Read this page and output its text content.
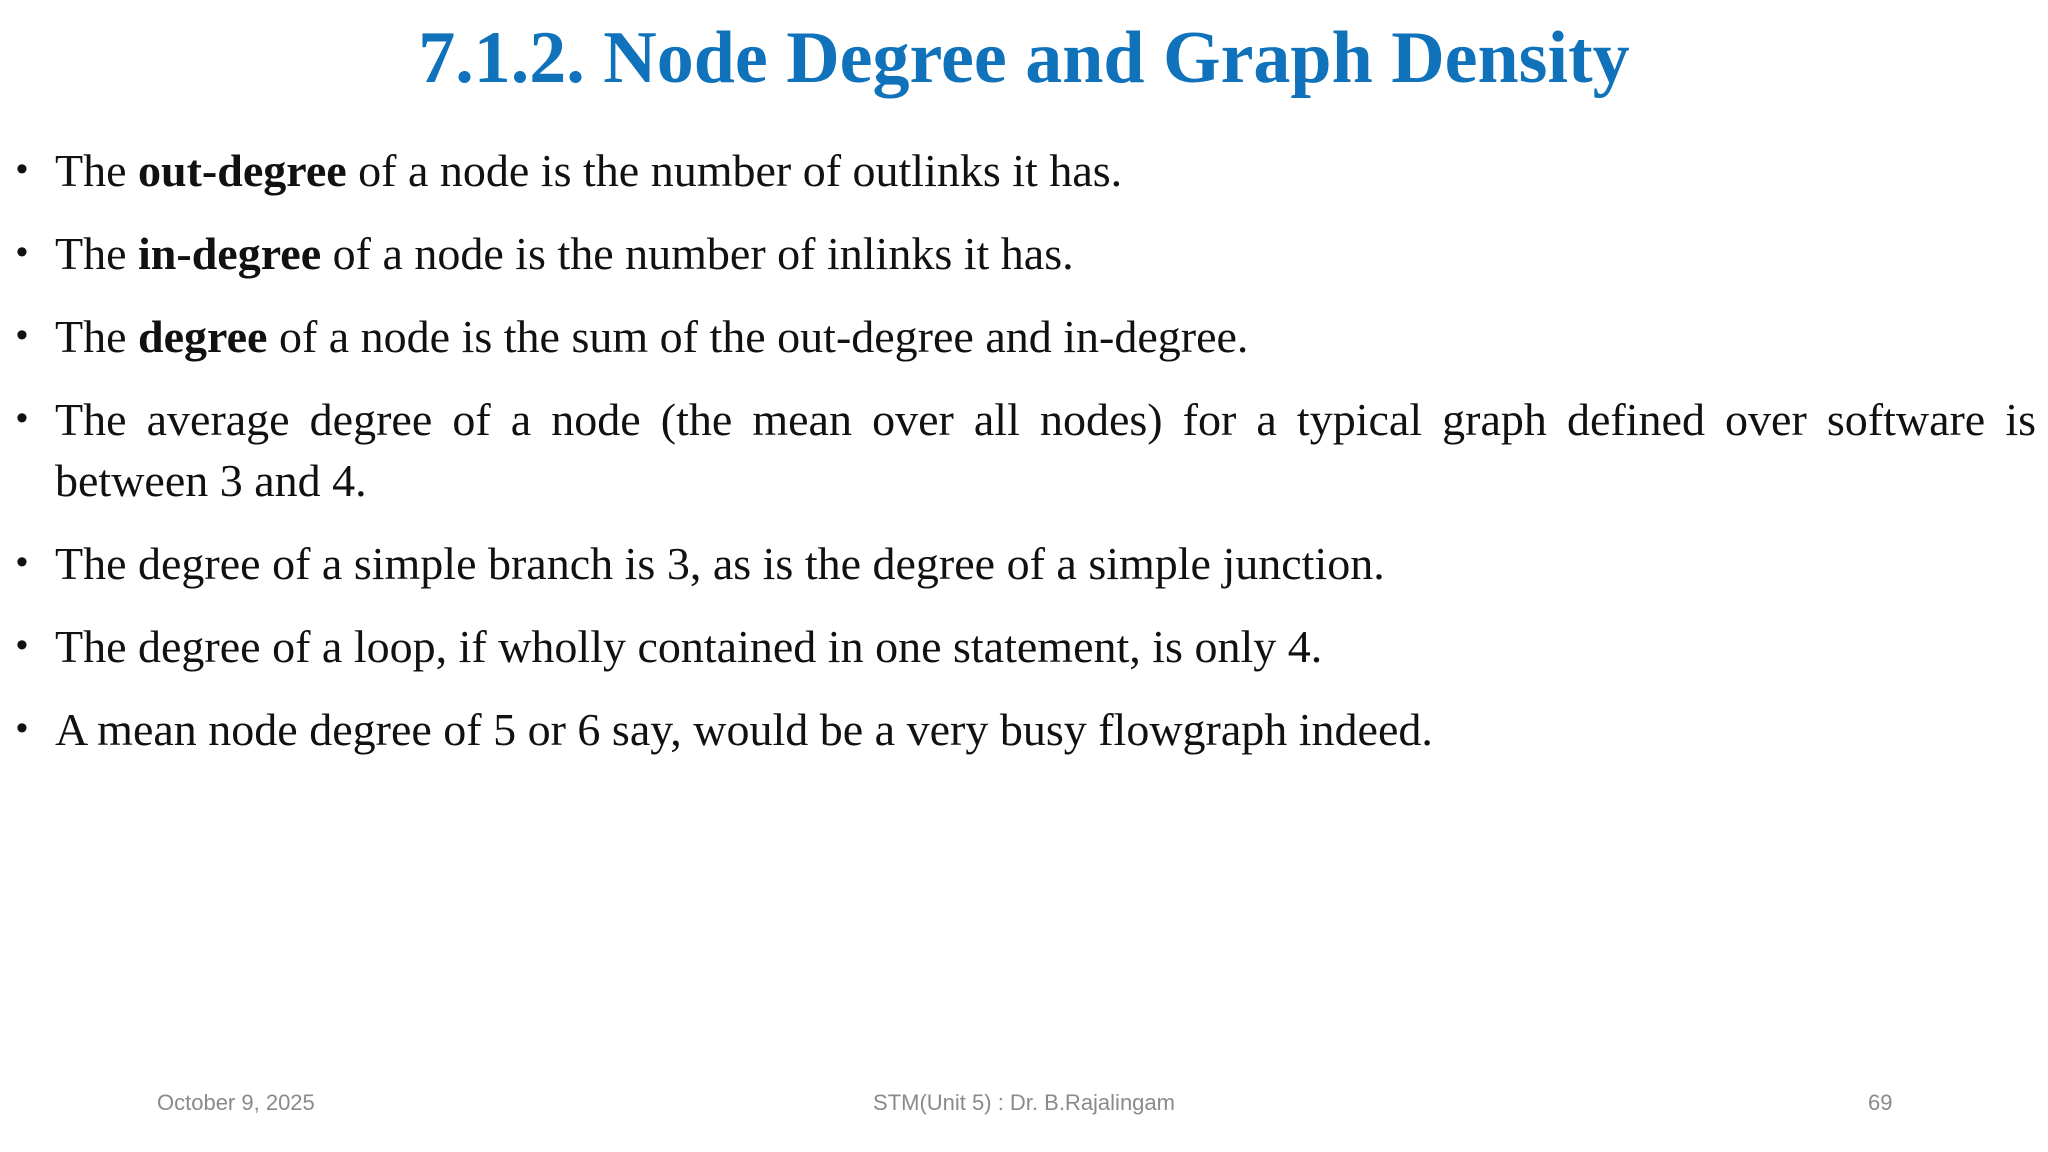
7.1.2. Node Degree and Graph Density
• The out-degree of a node is the number of outlinks it has.
• The in-degree of a node is the number of inlinks it has.
• The degree of a node is the sum of the out-degree and in-degree.
• The average degree of a node (the mean over all nodes) for a typical graph defined over software is between 3 and 4.
• The degree of a simple branch is 3, as is the degree of a simple junction.
• The degree of a loop, if wholly contained in one statement, is only 4.
• A mean node degree of 5 or 6 say, would be a very busy flowgraph indeed.
October 9, 2025	STM(Unit 5) : Dr. B.Rajalingam	69
